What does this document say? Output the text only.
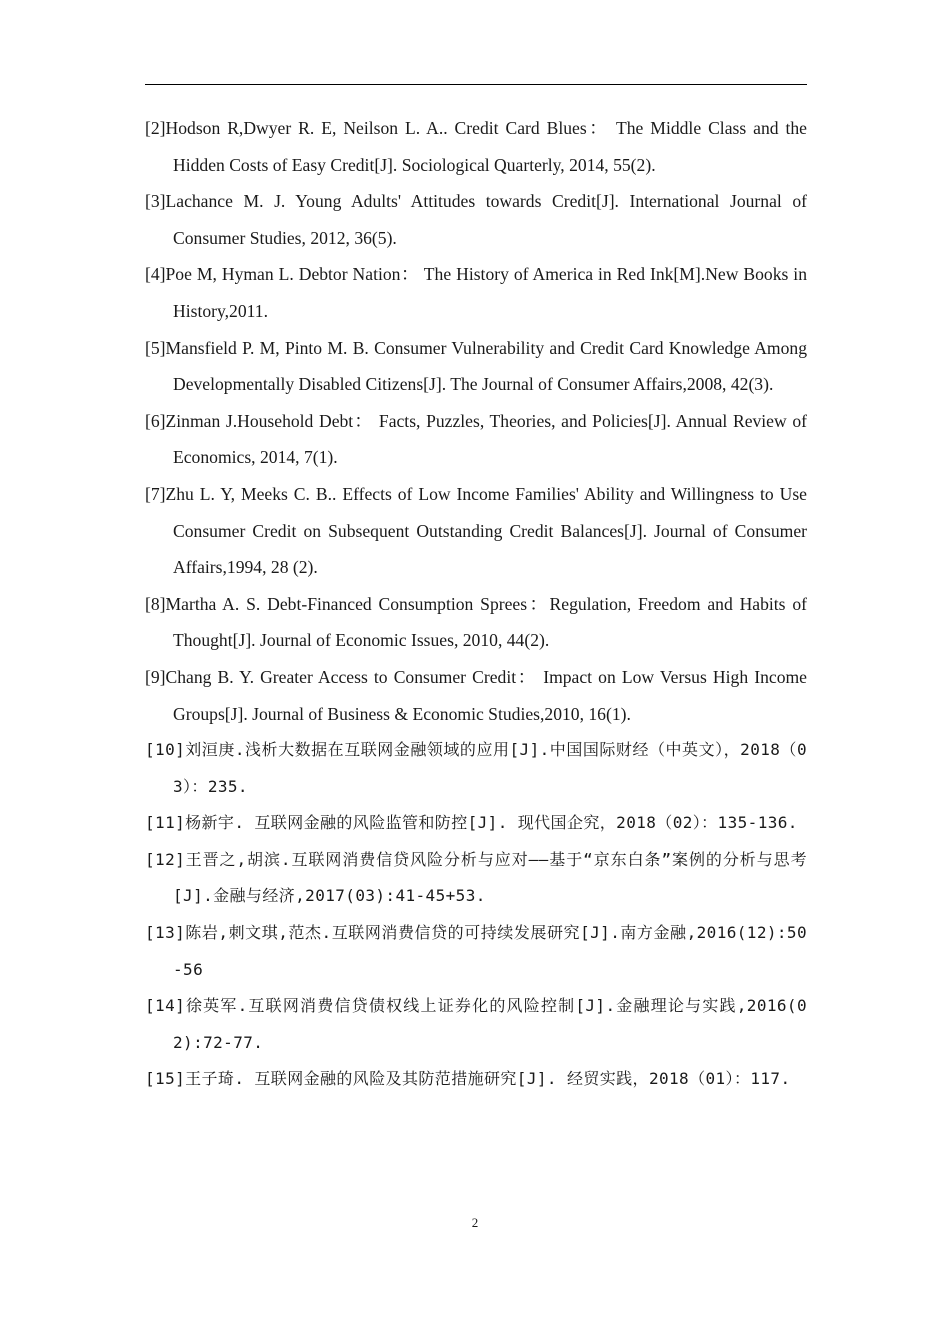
[2]Hodson R,Dwyer R. E, Neilson L. A.. Credit Card Blues： The Middle Class and the Hidden Costs of Easy Credit[J]. Sociological Quarterly, 2014, 55(2).
[3]Lachance M. J. Young Adults' Attitudes towards Credit[J]. International Journal of Consumer Studies, 2012, 36(5).
[4]Poe M, Hyman L. Debtor Nation： The History of America in Red Ink[M].New Books in History,2011.
[5]Mansfield P. M, Pinto M. B. Consumer Vulnerability and Credit Card Knowledge Among Developmentally Disabled Citizens[J]. The Journal of Consumer Affairs,2008, 42(3).
[6]Zinman J.Household Debt： Facts, Puzzles, Theories, and Policies[J]. Annual Review of Economics, 2014, 7(1).
[7]Zhu L. Y, Meeks C. B.. Effects of Low Income Families' Ability and Willingness to Use Consumer Credit on Subsequent Outstanding Credit Balances[J]. Journal of Consumer Affairs,1994, 28 (2).
[8]Martha A. S. Debt-Financed Consumption Sprees：Regulation, Freedom and Habits of Thought[J]. Journal of Economic Issues, 2010, 44(2).
[9]Chang B. Y. Greater Access to Consumer Credit： Impact on Low Versus High Income Groups[J]. Journal of Business & Economic Studies,2010, 16(1).
[10]刘洹庚.浅析大数据在互联网金融领域的应用[J].中国国际财经（中英文），2018（03）：235.
[11]杨新宇. 互联网金融的风险监管和防控[J]. 现代国企究，2018（02）：135-136.
[12]王晋之,胡滨.互联网消费信贷风险分析与应对——基于“京东白条”案例的分析与思考[J].金融与经济,2017(03):41-45+53.
[13]陈岩,刺文琪,范杰.互联网消费信贷的可持续发展研究[J].南方金融,2016(12):50-56
[14]徐英军.互联网消费信贷债权线上证券化的风险控制[J].金融理论与实践,2016(02):72-77.
[15]王子琦. 互联网金融的风险及其防范措施研究[J]. 经贸实践，2018（01）：117.
2
